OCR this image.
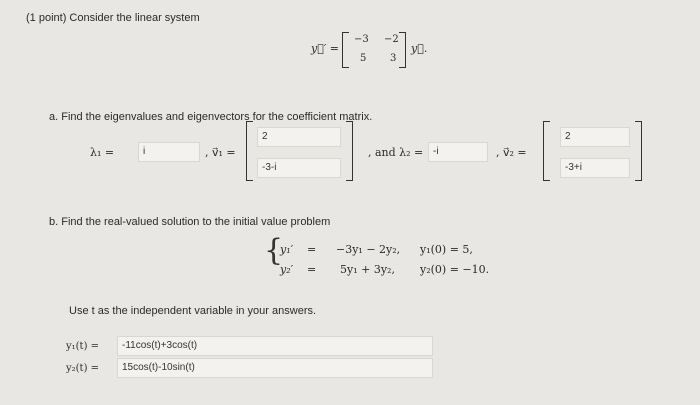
(1 point) Consider the linear system
y⃗′ =
−3 −2
5 3
y⃗.
a. Find the eigenvalues and eigenvectors for the coefficient matrix.
λ₁ =	i	, v⃗₁ =
2
-3-i
, and λ₂ = -i	, v⃗₂ =
2
-3+i
b. Find the real-valued solution to the initial value problem
{
y₁′ = −3y₁ − 2y₂, y₁(0) = 5,
y₂′ = 5y₁ + 3y₂, y₂(0) = −10.
Use t as the independent variable in your answers.
y₁(t) =	-11cos(t)+3cos(t)
y₂(t) =	15cos(t)-10sin(t)
